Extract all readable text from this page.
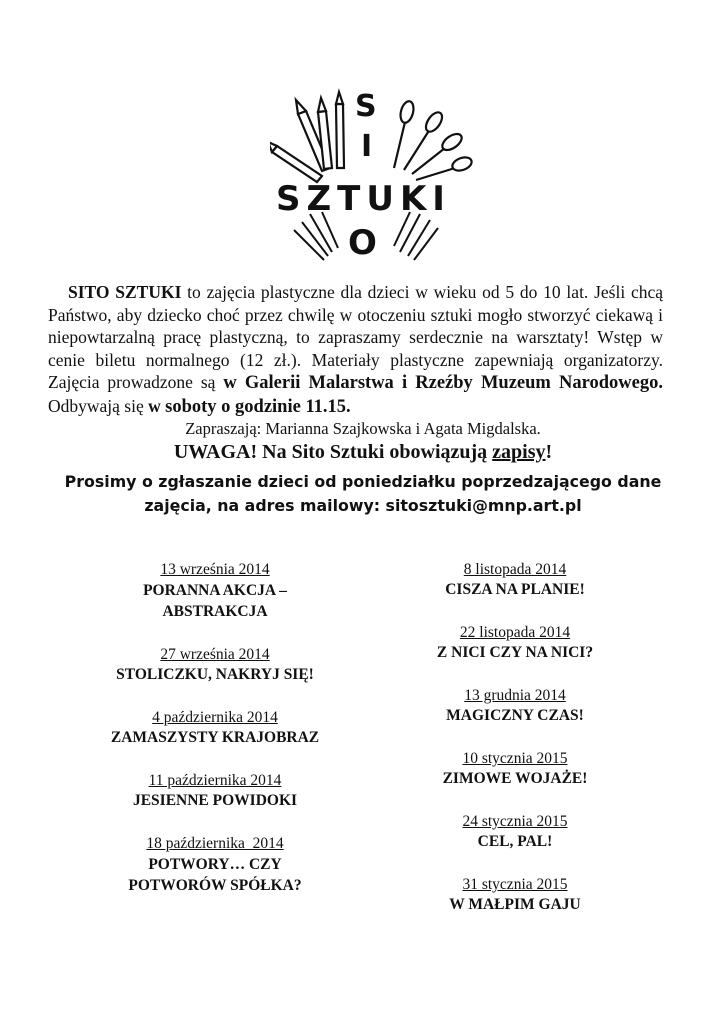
S
I
O
SZTUKI
SITO SZTUKI to zajęcia plastyczne dla dzieci w wieku od 5 do 10 lat. Jeśli chcą Państwo, aby dziecko choć przez chwilę w otoczeniu sztuki mogło stworzyć ciekawą i niepowtarzalną pracę plastyczną, to zapraszamy serdecznie na warsztaty! Wstęp w cenie biletu normalnego (12 zł.). Materiały plastyczne zapewniają organizatorzy. Zajęcia prowadzone są w Galerii Malarstwa i Rzeźby Muzeum Narodowego. Odbywają się w soboty o godzinie 11.15.
Zapraszają: Marianna Szajkowska i Agata Migdalska.
UWAGA! Na Sito Sztuki obowiązują zapisy!
Prosimy o zgłaszanie dzieci od poniedziałku poprzedzającego dane
zajęcia, na adres mailowy: sitosztuki@mnp.art.pl
13 września 2014
PORANNA AKCJA –
ABSTRAKCJA
27 września 2014
STOLICZKU, NAKRYJ SIĘ!
4 października 2014
ZAMASZYSTY KRAJOBRAZ
11 października 2014
JESIENNE POWIDOKI
18 października  2014
POTWORY… CZY
POTWORÓW SPÓŁKA?
8 listopada 2014
CISZA NA PLANIE!
22 listopada 2014
Z NICI CZY NA NICI?
13 grudnia 2014
MAGICZNY CZAS!
10 stycznia 2015
ZIMOWE WOJAŻE!
24 stycznia 2015
CEL, PAL!
31 stycznia 2015
W MAŁPIM GAJU
